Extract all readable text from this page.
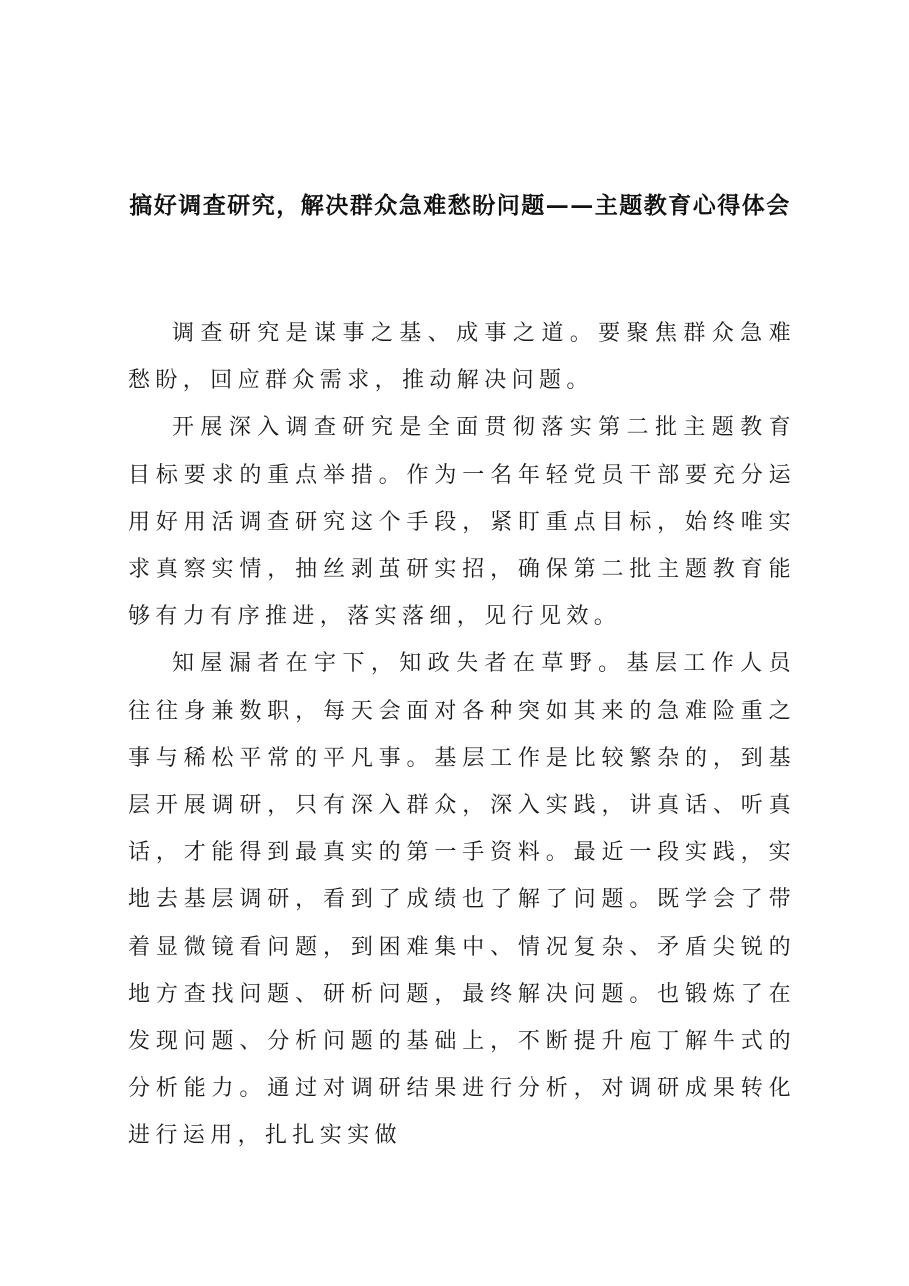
搞好调查研究，解决群众急难愁盼问题——主题教育心得体会

调查研究是谋事之基、成事之道。要聚焦群众急难愁盼，回应群众需求，推动解决问题。

开展深入调查研究是全面贯彻落实第二批主题教育目标要求的重点举措。作为一名年轻党员干部要充分运用好用活调查研究这个手段，紧盯重点目标，始终唯实求真察实情，抽丝剥茧研实招，确保第二批主题教育能够有力有序推进，落实落细，见行见效。

知屋漏者在宇下，知政失者在草野。基层工作人员往往身兼数职，每天会面对各种突如其来的急难险重之事与稀松平常的平凡事。基层工作是比较繁杂的，到基层开展调研，只有深入群众，深入实践，讲真话、听真话，才能得到最真实的第一手资料。最近一段实践，实地去基层调研，看到了成绩也了解了问题。既学会了带着显微镜看问题，到困难集中、情况复杂、矛盾尖锐的地方查找问题、研析问题，最终解决问题。也锻炼了在发现问题、分析问题的基础上，不断提升庖丁解牛式的分析能力。通过对调研结果进行分析，对调研成果转化进行运用，扎扎实实做
